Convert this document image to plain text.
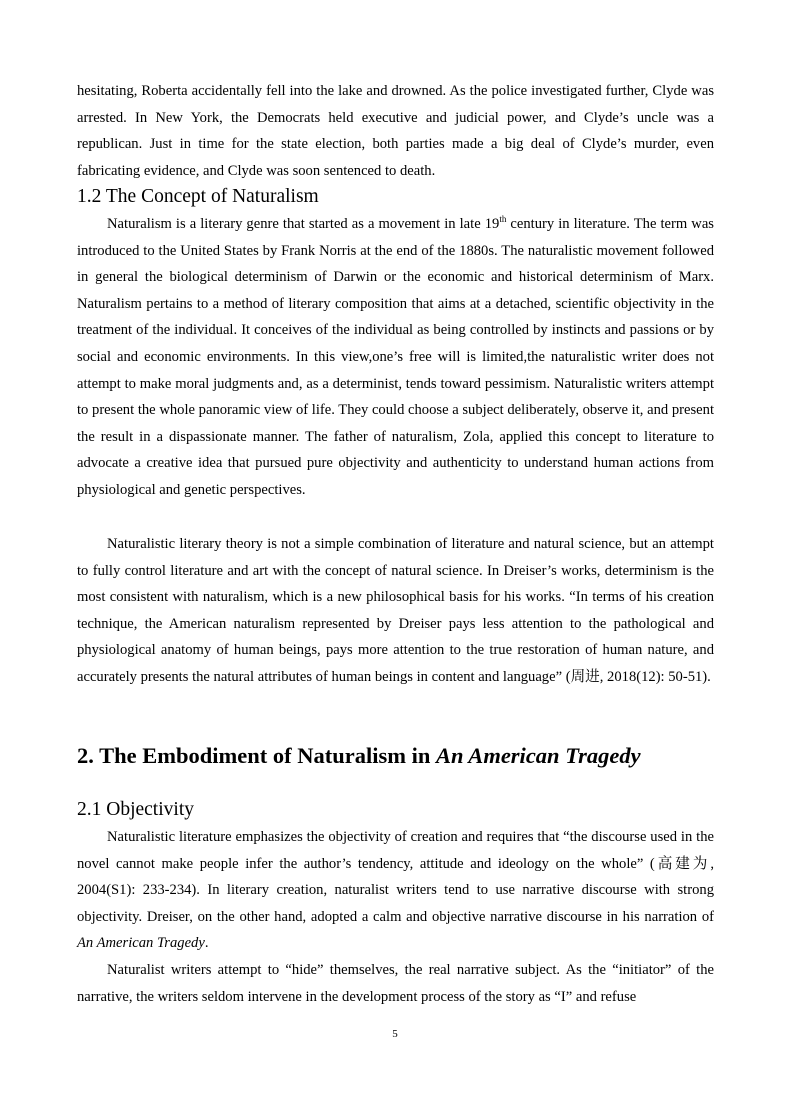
hesitating, Roberta accidentally fell into the lake and drowned. As the police investigated further, Clyde was arrested. In New York, the Democrats held executive and judicial power, and Clyde’s uncle was a republican. Just in time for the state election, both parties made a big deal of Clyde’s murder, even fabricating evidence, and Clyde was soon sentenced to death.

1.2 The Concept of Naturalism

Naturalism is a literary genre that started as a movement in late 19th century in literature. The term was introduced to the United States by Frank Norris at the end of the 1880s. The naturalistic movement followed in general the biological determinism of Darwin or the economic and historical determinism of Marx. Naturalism pertains to a method of literary composition that aims at a detached, scientific objectivity in the treatment of the individual. It conceives of the individual as being controlled by instincts and passions or by social and economic environments. In this view,one’s free will is limited,the naturalistic writer does not attempt to make moral judgments and, as a determinist, tends toward pessimism. Naturalistic writers attempt to present the whole panoramic view of life. They could choose a subject deliberately, observe it, and present the result in a dispassionate manner. The father of naturalism, Zola, applied this concept to literature to advocate a creative idea that pursued pure objectivity and authenticity to understand human actions from physiological and genetic perspectives.

Naturalistic literary theory is not a simple combination of literature and natural science, but an attempt to fully control literature and art with the concept of natural science. In Dreiser’s works, determinism is the most consistent with naturalism, which is a new philosophical basis for his works. “In terms of his creation technique, the American naturalism represented by Dreiser pays less attention to the pathological and physiological anatomy of human beings, pays more attention to the true restoration of human nature, and accurately presents the natural attributes of human beings in content and language” (周进, 2018(12): 50-51).

2. The Embodiment of Naturalism in An American Tragedy
2.1 Objectivity

Naturalistic literature emphasizes the objectivity of creation and requires that “the discourse used in the novel cannot make people infer the author’s tendency, attitude and ideology on the whole” (高建为, 2004(S1): 233-234). In literary creation, naturalist writers tend to use narrative discourse with strong objectivity. Dreiser, on the other hand, adopted a calm and objective narrative discourse in his narration of An American Tragedy.

Naturalist writers attempt to “hide” themselves, the real narrative subject. As the “initiator” of the narrative, the writers seldom intervene in the development process of the story as “I” and refuse

5
